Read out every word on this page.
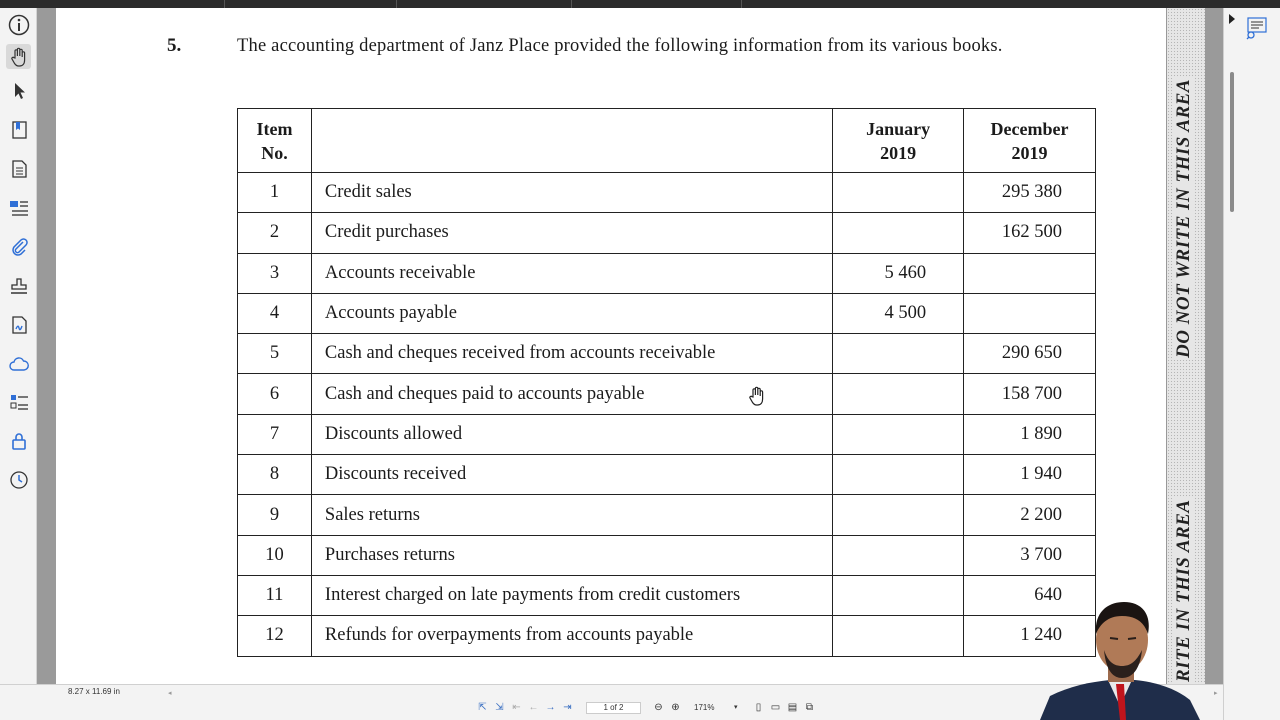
5.	The accounting department of Janz Place provided the following information from its various books.
Item
No.		January
2019	December
2019
1	Credit sales		295 380
2	Credit purchases		162 500
3	Accounts receivable	5 460	
4	Accounts payable	4 500	
5	Cash and cheques received from accounts receivable		290 650
6	Cash and cheques paid to accounts payable		158 700
7	Discounts allowed		1 890
8	Discounts received		1 940
9	Sales returns		2 200
10	Purchases returns		3 700
11	Interest charged on late payments from credit customers		640
12	Refunds for overpayments from accounts payable		1 240
DO NOT WRITE IN THIS AREA
RITE IN THIS AREA
8.27 x 11.69 in	◂	▸
⇱ ⇲ ⇤ ← → ⇥	1 of 2	⊖ ⊕ 171%	▾	▯ ▭ ▤ ⧉
